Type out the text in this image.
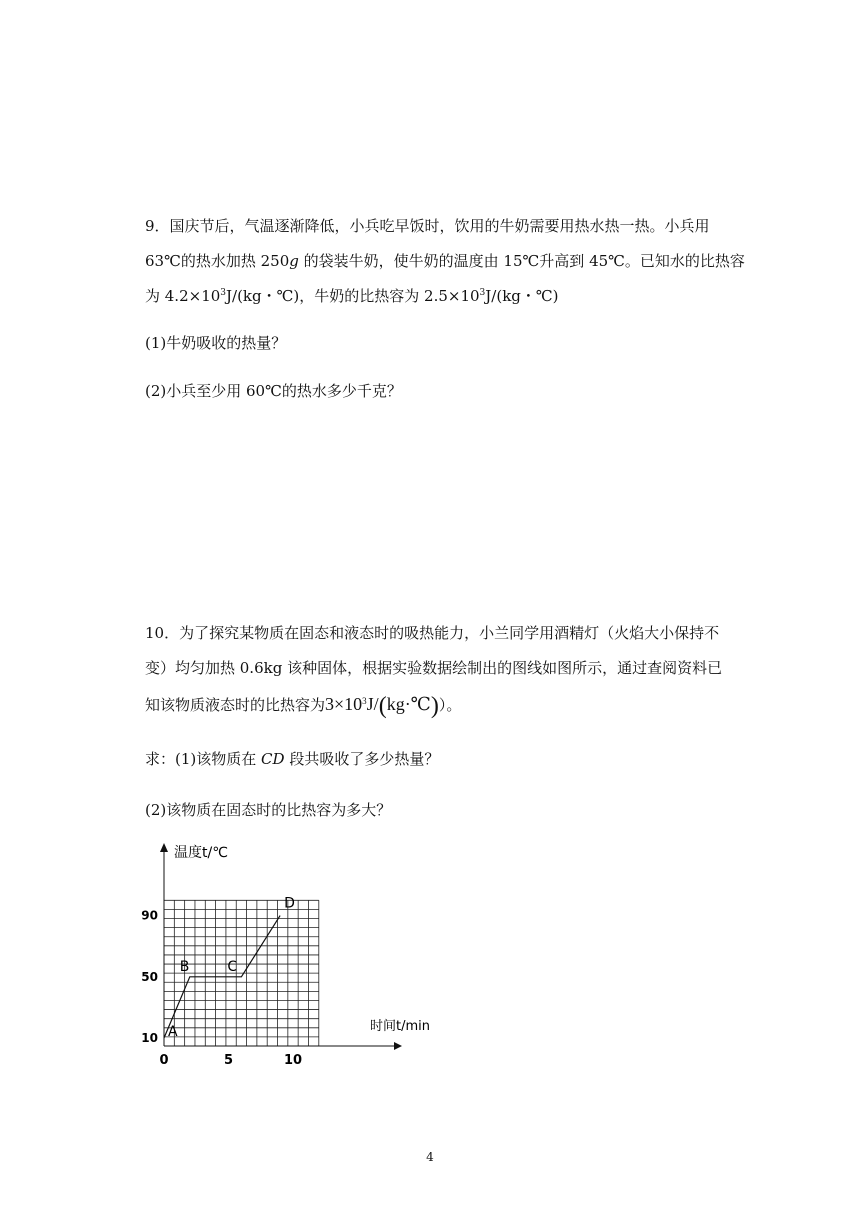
9．国庆节后，气温逐渐降低，小兵吃早饭时，饮用的牛奶需要用热水热一热。小兵用
63℃的热水加热 250g 的袋装牛奶，使牛奶的温度由 15℃升高到 45℃。已知水的比热容
为 $4.2\times 10^3J/(kg$・℃)，牛奶的比热容为 $2.5\times 10^3J/(kg$・℃)
(1)牛奶吸收的热量？
(2)小兵至少用 60℃的热水多少千克？
10．为了探究某物质在固态和液态时的吸热能力，小兰同学用酒精灯（火焰大小保持不
变）均匀加热 0.6kg 该种固体，根据实验数据绘制出的图线如图所示，通过查阅资料已
知该物质液态时的比热容为$3\times 10^3J/(kg\cdot℃)$）。
求：(1)该物质在 CD 段共吸收了多少热量？
(2)该物质在固态时的比热容为多大？
温度t/℃
时间t/min
0	5	10
10
50
90
A
B	C
D
4
